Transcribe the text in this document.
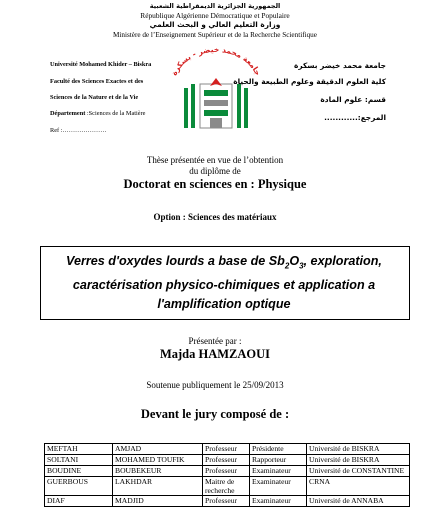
الجمهورية الجزائرية الديمقراطية الشعبية
République Algérienne Démocratique et Populaire
وزارة التعليم العالي و البحث العلمي
Ministère de l’Enseignement Supérieur et de la Recherche Scientifique
Université Mohamed Khider – Biskra
Faculté des Sciences Exactes et des
Sciences de la Nature et de la Vie
Département :Sciences de la Matière
Ref :…………………
جامعة محمد خيضر - بسكرة
جامعة محمد خيضر بسكرة
كلية العلوم الدقيقة وعلوم الطبيعة والحياة
قسم: علوم المادة
المرجع:............
Thèse présentée en vue de l’obtention
du diplôme de
Doctorat en sciences en : Physique
Option : Sciences des matériaux
Verres d'oxydes lourds a base de $Sb_2O_3$, exploration,
caractérisation physico-chimiques et application a
l'amplification optique
Présentée par :
Majda HAMZAOUI
Soutenue publiquement le 25/09/2013
Devant le jury composé de :
MEFTAH	AMJAD	Professeur	Présidente	Université de BISKRA
SOLTANI	MOHAMED TOUFIK	Professeur	Rapporteur	Université de BISKRA
BOUDINE	BOUBEKEUR	Professeur	Examinateur	Université de CONSTANTINE
GUERBOUS	LAKHDAR	Maitre de recherche	Examinateur	CRNA
DIAF	MADJID	Professeur	Examinateur	Université de ANNABA
